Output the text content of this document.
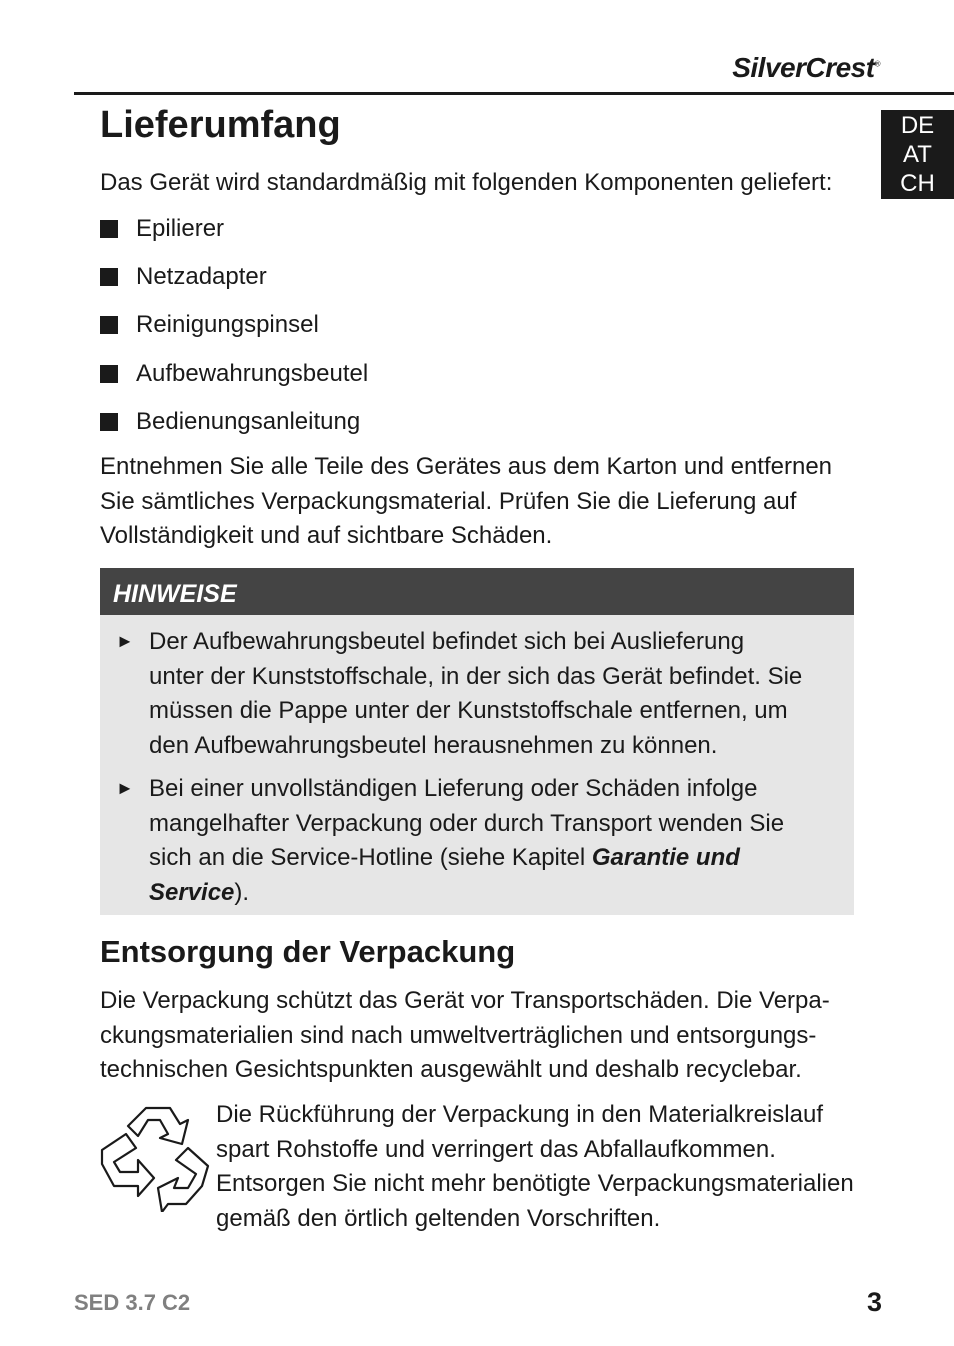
SilverCrest®
DE
AT
CH
Lieferumfang

Das Gerät wird standardmäßig mit folgenden Komponenten geliefert:

Epilierer
Netzadapter
Reinigungspinsel
Aufbewahrungsbeutel
Bedienungsanleitung
Entnehmen Sie alle Teile des Gerätes aus dem Karton und entfernen
Sie sämtliches Verpackungsmaterial. Prüfen Sie die Lieferung auf
Vollständigkeit und auf sichtbare Schäden.
HINWEISE
► Der Aufbewahrungsbeutel befindet sich bei Auslieferung
unter der Kunststoffschale, in der sich das Gerät befindet. Sie
müssen die Pappe unter der Kunststoffschale entfernen, um
den Aufbewahrungsbeutel herausnehmen zu können.
► Bei einer unvollständigen Lieferung oder Schäden infolge
mangelhafter Verpackung oder durch Transport wenden Sie
sich an die Service-Hotline (siehe Kapitel Garantie und
Service).
Entsorgung der Verpackung
Die Verpackung schützt das Gerät vor Transportschäden. Die Verpa-
ckungsmaterialien sind nach umweltverträglichen und entsorgungs-
technischen Gesichtspunkten ausgewählt und deshalb recyclebar.
Die Rückführung der Verpackung in den Materialkreislauf
spart Rohstoffe und verringert das Abfallaufkommen.
Entsorgen Sie nicht mehr benötigte Verpackungsmaterialien
gemäß den örtlich geltenden Vorschriften.
SED 3.7 C2	3
